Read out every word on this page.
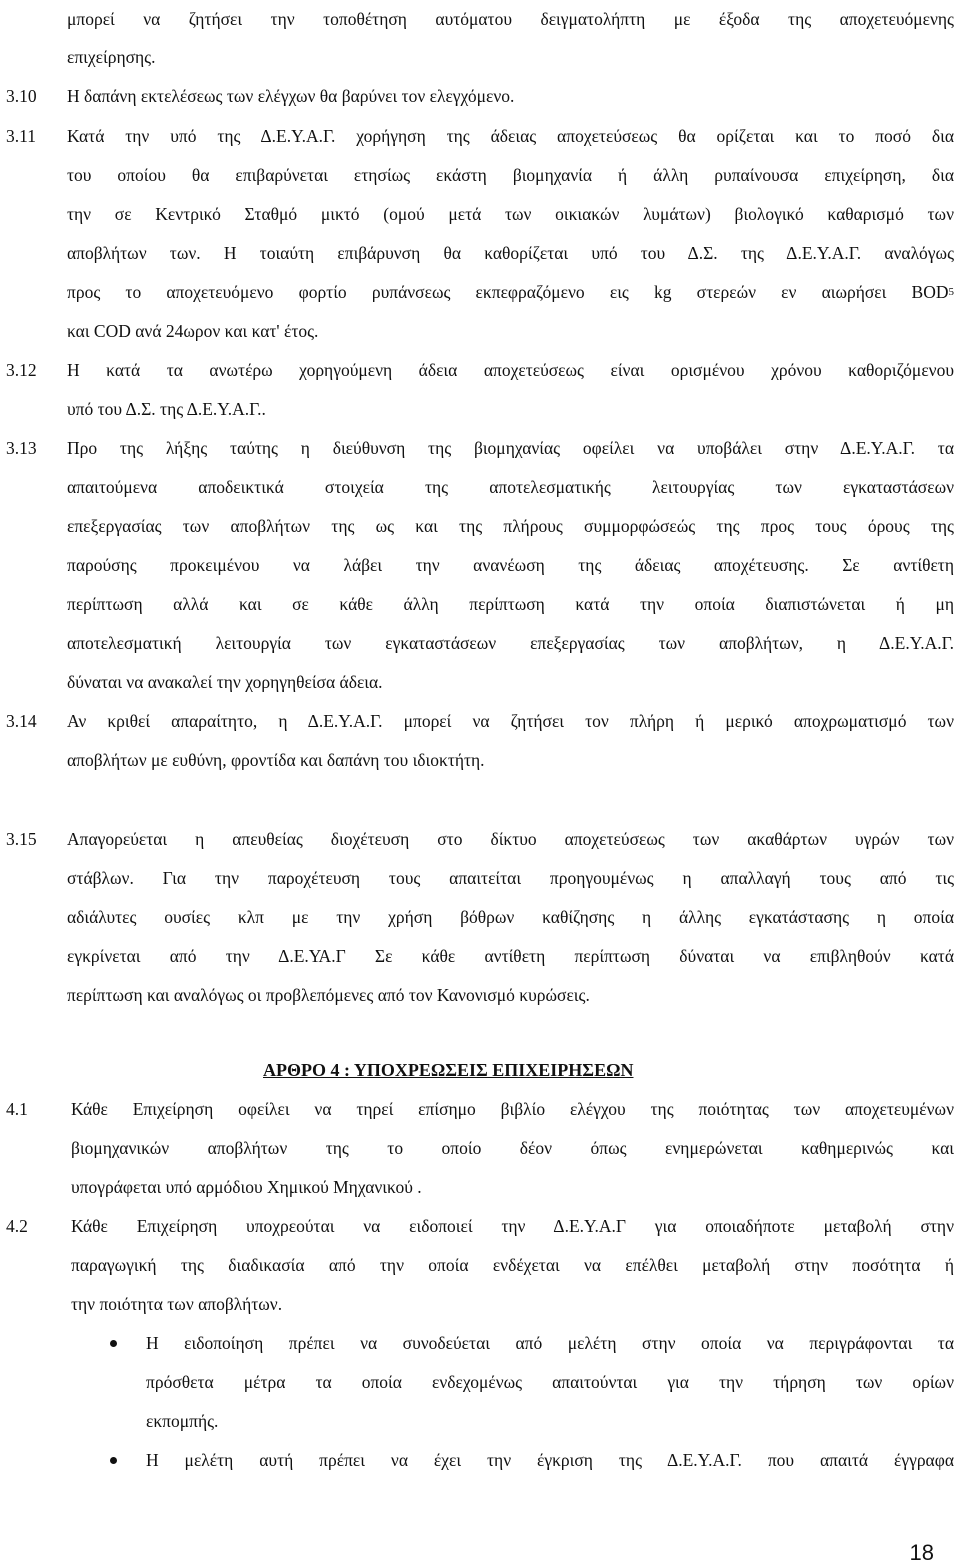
μπορεί να ζητήσει την τοποθέτηση αυτόματου δειγματολήπτη με έξοδα της αποχετευόμενης
επιχείρησης.
3.10 Η δαπάνη εκτελέσεως των ελέγχων θα βαρύνει τον ελεγχόμενο.
3.11 Κατά την υπό της Δ.Ε.Υ.Α.Γ. χορήγηση της άδειας αποχετεύσεως θα ορίζεται και το ποσό δια
του οποίου θα επιβαρύνεται ετησίως εκάστη βιομηχανία ή άλλη ρυπαίνουσα επιχείρηση, δια
την σε Κεντρικό Σταθμό μικτό (ομού μετά των οικιακών λυμάτων) βιολογικό καθαρισμό των
αποβλήτων των. Η τοιαύτη επιβάρυνση θα καθορίζεται υπό του Δ.Σ. της Δ.Ε.Υ.Α.Γ. αναλόγως
προς το αποχετευόμενο φορτίο ρυπάνσεως εκπεφραζόμενο εις kg στερεών εν αιωρήσει BOD 5
και COD ανά 24ωρον και κατ' έτος.
3.12 Η κατά τα ανωτέρω χορηγούμενη άδεια αποχετεύσεως είναι ορισμένου χρόνου καθοριζόμενου
υπό του Δ.Σ. της Δ.Ε.Υ.Α.Γ..
3.13 Προ της λήξης ταύτης η διεύθυνση της βιομηχανίας οφείλει να υποβάλει στην Δ.Ε.Υ.Α.Γ. τα
απαιτούμενα αποδεικτικά στοιχεία της αποτελεσματικής λειτουργίας των εγκαταστάσεων
επεξεργασίας των αποβλήτων της ως και της πλήρους συμμορφώσεώς της προς τους όρους της
παρούσης προκειμένου να λάβει την ανανέωση της άδειας αποχέτευσης. Σε αντίθετη
περίπτωση αλλά και σε κάθε άλλη περίπτωση κατά την οποία διαπιστώνεται ή μη
αποτελεσματική λειτουργία των εγκαταστάσεων επεξεργασίας των αποβλήτων, η Δ.Ε.Υ.Α.Γ.
δύναται να ανακαλεί την χορηγηθείσα άδεια.
3.14 Αν κριθεί απαραίτητο, η Δ.Ε.Υ.Α.Γ. μπορεί να ζητήσει τον πλήρη ή μερικό αποχρωματισμό των
αποβλήτων με ευθύνη, φροντίδα και δαπάνη του ιδιοκτήτη.
3.15 Απαγορεύεται η απευθείας διοχέτευση στο δίκτυο αποχετεύσεως των ακαθάρτων υγρών των
στάβλων. Για την παροχέτευση τους απαιτείται προηγουμένως η απαλλαγή τους από τις
αδιάλυτες ουσίες κλπ με την χρήση βόθρων καθίζησης η άλλης εγκατάστασης η οποία
εγκρίνεται από την Δ.Ε.ΥΑ.Γ Σε κάθε αντίθετη περίπτωση δύναται να επιβληθούν κατά
περίπτωση και αναλόγως οι προβλεπόμενες από τον Κανονισμό κυρώσεις.
ΑΡΘΡΟ 4 : ΥΠΟΧΡΕΩΣΕΙΣ ΕΠΙΧΕΙΡΗΣΕΩΝ
4.1 Κάθε Επιχείρηση οφείλει να τηρεί επίσημο βιβλίο ελέγχου της ποιότητας των αποχετευμένων
βιομηχανικών αποβλήτων της το οποίο δέον όπως ενημερώνεται καθημερινώς και
υπογράφεται υπό αρμόδιου Χημικού Μηχανικού .
4.2 Κάθε Επιχείρηση υποχρεούται να ειδοποιεί την Δ.Ε.Υ.Α.Γ για οποιαδήποτε μεταβολή στην
παραγωγική της διαδικασία από την οποία ενδέχεται να επέλθει μεταβολή στην ποσότητα ή
την ποιότητα των αποβλήτων.
Η ειδοποίηση πρέπει να συνοδεύεται από μελέτη στην οποία να περιγράφονται τα
πρόσθετα μέτρα τα οποία ενδεχομένως απαιτούνται για την τήρηση των ορίων
εκπομπής.
Η μελέτη αυτή πρέπει να έχει την έγκριση της Δ.Ε.Υ.Α.Γ. που απαιτά έγγραφα
18
